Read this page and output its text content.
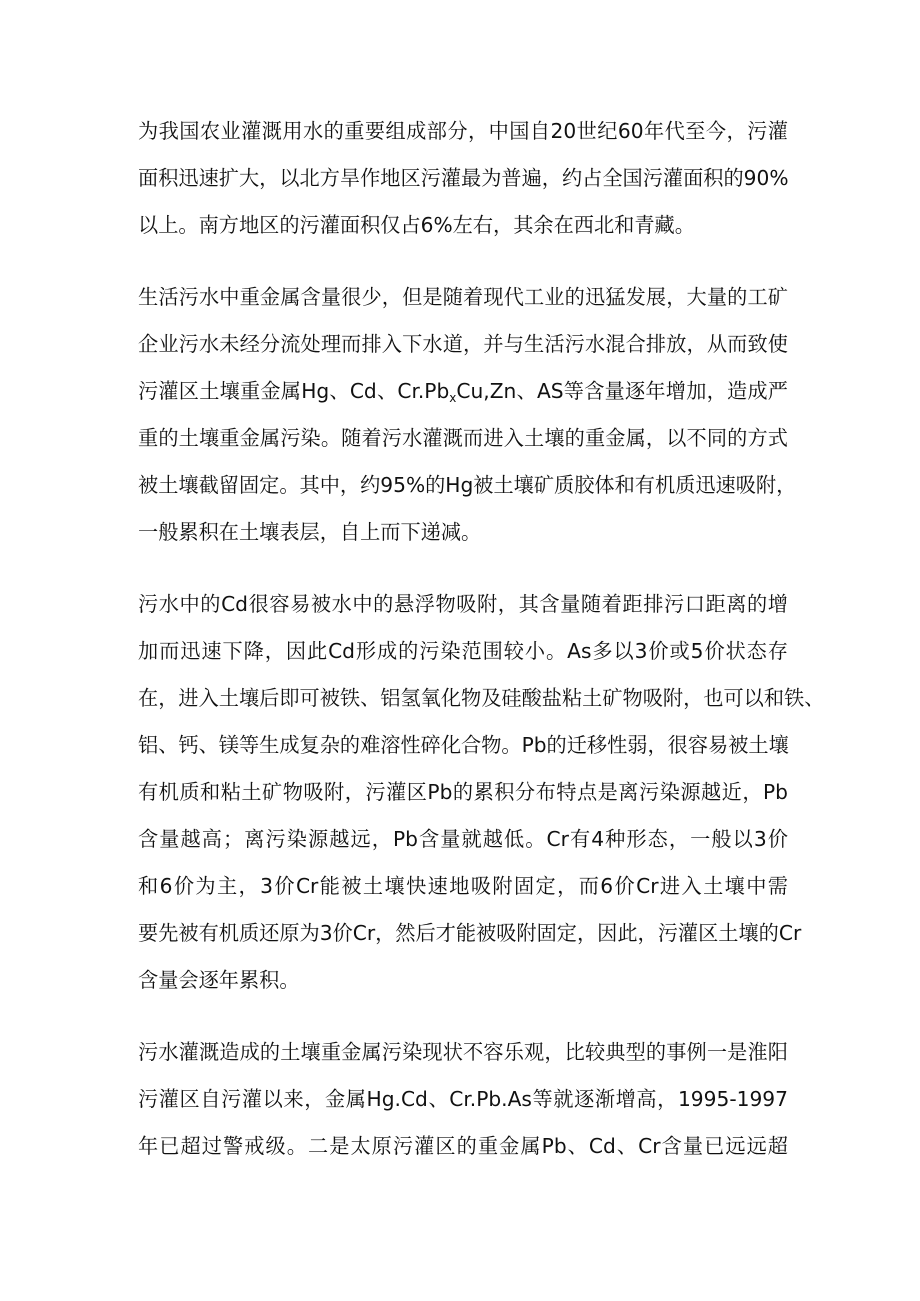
为我国农业灌溉用水的重要组成部分，中国自20世纪60年代至今，污灌
面积迅速扩大，以北方旱作地区污灌最为普遍，约占全国污灌面积的90%
以上。南方地区的污灌面积仅占6%左右，其余在西北和青藏。
生活污水中重金属含量很少，但是随着现代工业的迅猛发展，大量的工矿
企业污水未经分流处理而排入下水道，并与生活污水混合排放，从而致使
污灌区土壤重金属Hg、Cd、$Cr.Pb_xCu,Zn$、AS等含量逐年增加，造成严
重的土壤重金属污染。随着污水灌溉而进入土壤的重金属，以不同的方式
被土壤截留固定。其中，约95%的Hg被土壤矿质胶体和有机质迅速吸附，
一般累积在土壤表层，自上而下递减。
污水中的Cd很容易被水中的悬浮物吸附，其含量随着距排污口距离的增
加而迅速下降，因此Cd形成的污染范围较小。As多以3价或5价状态存
在，进入土壤后即可被铁、铝氢氧化物及硅酸盐粘土矿物吸附，也可以和铁、
铝、钙、镁等生成复杂的难溶性碎化合物。Pb的迁移性弱，很容易被土壤
有机质和粘土矿物吸附，污灌区Pb的累积分布特点是离污染源越近，Pb
含量越高；离污染源越远，Pb含量就越低。Cr有4种形态，一般以3价
和6价为主，3价Cr能被土壤快速地吸附固定，而6价Cr进入土壤中需
要先被有机质还原为3价Cr，然后才能被吸附固定，因此，污灌区土壤的Cr
含量会逐年累积。
污水灌溉造成的土壤重金属污染现状不容乐观，比较典型的事例一是淮阳
污灌区自污灌以来，金属Hg.Cd、Cr.Pb.As等就逐渐增高，1995-1997
年已超过警戒级。二是太原污灌区的重金属Pb、Cd、Cr含量已远远超
